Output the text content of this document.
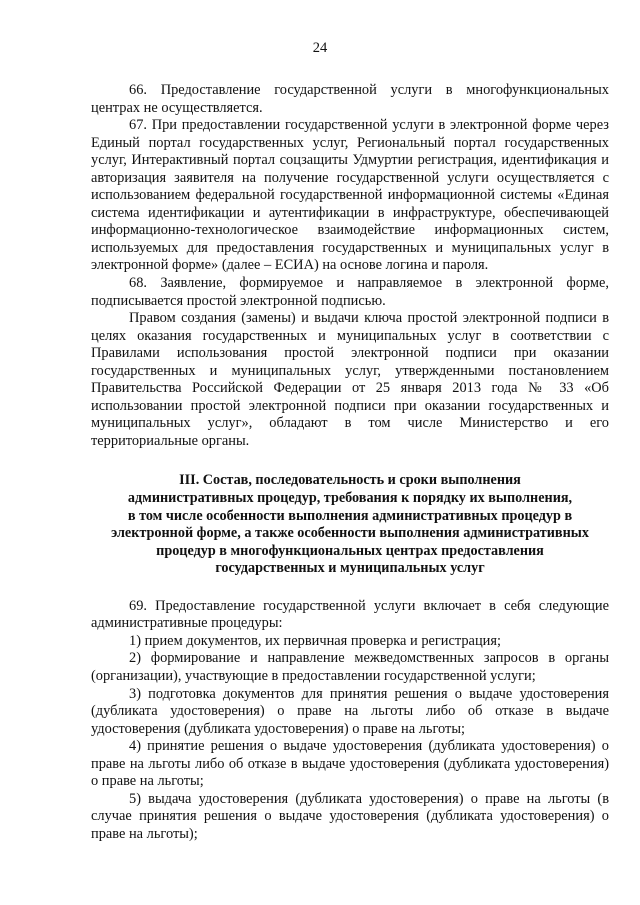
24

66. Предоставление государственной услуги в многофункциональных центрах не осуществляется.

67. При предоставлении государственной услуги в электронной форме через Единый портал государственных услуг, Региональный портал государственных услуг, Интерактивный портал соцзащиты Удмуртии регистрация, идентификация и авторизация заявителя на получение государственной услуги осуществляется с использованием федеральной государственной информационной системы «Единая система идентификации и аутентификации в инфраструктуре, обеспечивающей информационно-технологическое взаимодействие информационных систем, используемых для предоставления государственных и муниципальных услуг в электронной форме» (далее – ЕСИА) на основе логина и пароля.

68. Заявление, формируемое и направляемое в электронной форме, подписывается простой электронной подписью.

Правом создания (замены) и выдачи ключа простой электронной подписи в целях оказания государственных и муниципальных услуг в соответствии с Правилами использования простой электронной подписи при оказании государственных и муниципальных услуг, утвержденными постановлением Правительства Российской Федерации от 25 января 2013 года № 33 «Об использовании простой электронной подписи при оказании государственных и муниципальных услуг», обладают в том числе Министерство и его территориальные органы.

III. Состав, последовательность и сроки выполнения
административных процедур, требования к порядку их выполнения,
в том числе особенности выполнения административных процедур в
электронной форме, а также особенности выполнения административных
процедур в многофункциональных центрах предоставления
государственных и муниципальных услуг

69. Предоставление государственной услуги включает в себя следующие административные процедуры:

1) прием документов, их первичная проверка и регистрация;

2) формирование и направление межведомственных запросов в органы (организации), участвующие в предоставлении государственной услуги;

3) подготовка документов для принятия решения о выдаче удостоверения (дубликата удостоверения) о праве на льготы либо об отказе в выдаче удостоверения (дубликата удостоверения) о праве на льготы;

4) принятие решения о выдаче удостоверения (дубликата удостоверения) о праве на льготы либо об отказе в выдаче удостоверения (дубликата удостоверения) о праве на льготы;

5) выдача удостоверения (дубликата удостоверения) о праве на льготы (в случае принятия решения о выдаче удостоверения (дубликата удостоверения) о праве на льготы);
